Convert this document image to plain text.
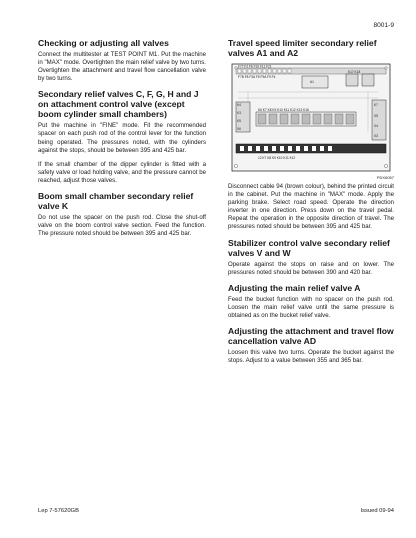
8001-9
Checking or adjusting all valves

Connect the multitester at TEST POINT M1. Put the machine in "MAX" mode. Overtighten the main relief valve by two turns. Overtighten the attachment and travel flow cancellation valve by two turns.

Secondary relief valves C, F, G, H and J on attachment control valve (except boom cylinder small chambers)

Put the machine in "FINE" mode. Fit the recommended spacer on each push rod of the control lever for the function being operated. The pressures noted, with the cylinders against the stops, should be between 395 and 425 bar.

If the small chamber of the dipper cylinder is fitted with a safety valve or load holding valve, and the pressure cannot be reached, adjust those valves.

Boom small chamber secondary relief valve K

Do not use the spacer on the push rod. Close the shut-off valve on the boom control valve section. Feed the function. The pressure noted should be between 395 and 425 bar.

Travel speed limiter secondary relief valves A1 and A2
F77 F2 F6 F10 F11 F21
F7B F8 F3A F5 F9A F9 F4
A1
K17 K18
K4
K3
K5
X6
K6 K7 K8 K9 K10 K11 K12 K13 K16
12 K7 K8 K9 K10 K11 K12
K7
X5
X4
X3
PDX6057

Disconnect cable 94 (brown colour), behind the printed circuit in the cabinet. Put the machine in "MAX" mode. Apply the parking brake. Select road speed. Operate the direction inverter in one direction. Press down on the travel pedal. Repeat the operation in the opposite direction of travel. The pressures noted should be between 395 and 425 bar.

Stabilizer control valve secondary relief valves V and W

Operate against the stops on raise and on lower. The pressures noted should be between 390 and 420 bar.

Adjusting the main relief valve A

Feed the bucket function with no spacer on the push rod. Loosen the main relief valve until the same pressure is obtained as on the bucket relief valve.

Adjusting the attachment and travel flow cancellation valve AD

Loosen this valve two turns. Operate the bucket against the stops. Adjust to a value between 355 and 365 bar.

Lep 7-57620GB	Issued 09-94
